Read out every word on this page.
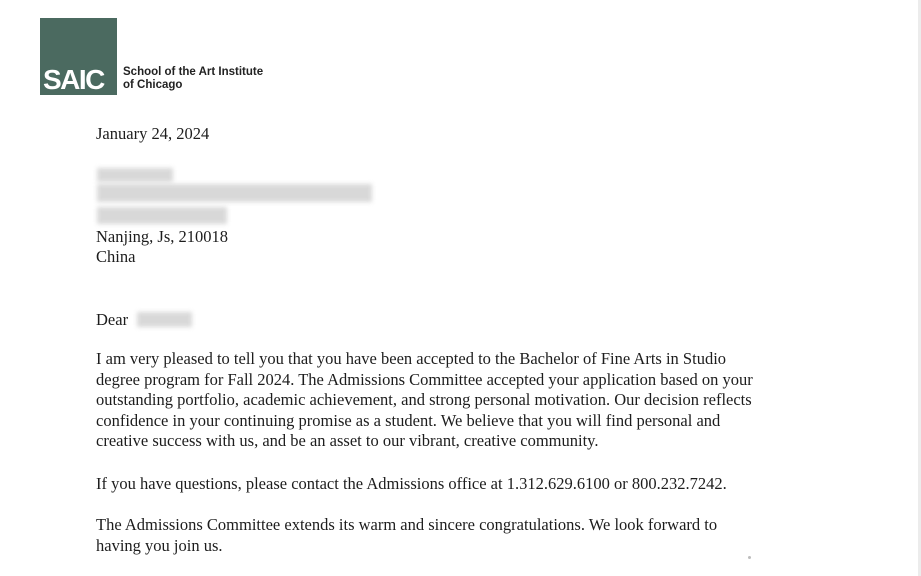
SAIC School of the Art Institute
of Chicago
January 24, 2024
Nanjing, Js, 210018
China
Dear
I am very pleased to tell you that you have been accepted to the Bachelor of Fine Arts in Studio
degree program for Fall 2024. The Admissions Committee accepted your application based on your
outstanding portfolio, academic achievement, and strong personal motivation. Our decision reflects
confidence in your continuing promise as a student. We believe that you will find personal and
creative success with us, and be an asset to our vibrant, creative community.
If you have questions, please contact the Admissions office at 1.312.629.6100 or 800.232.7242.
The Admissions Committee extends its warm and sincere congratulations. We look forward to
having you join us.
